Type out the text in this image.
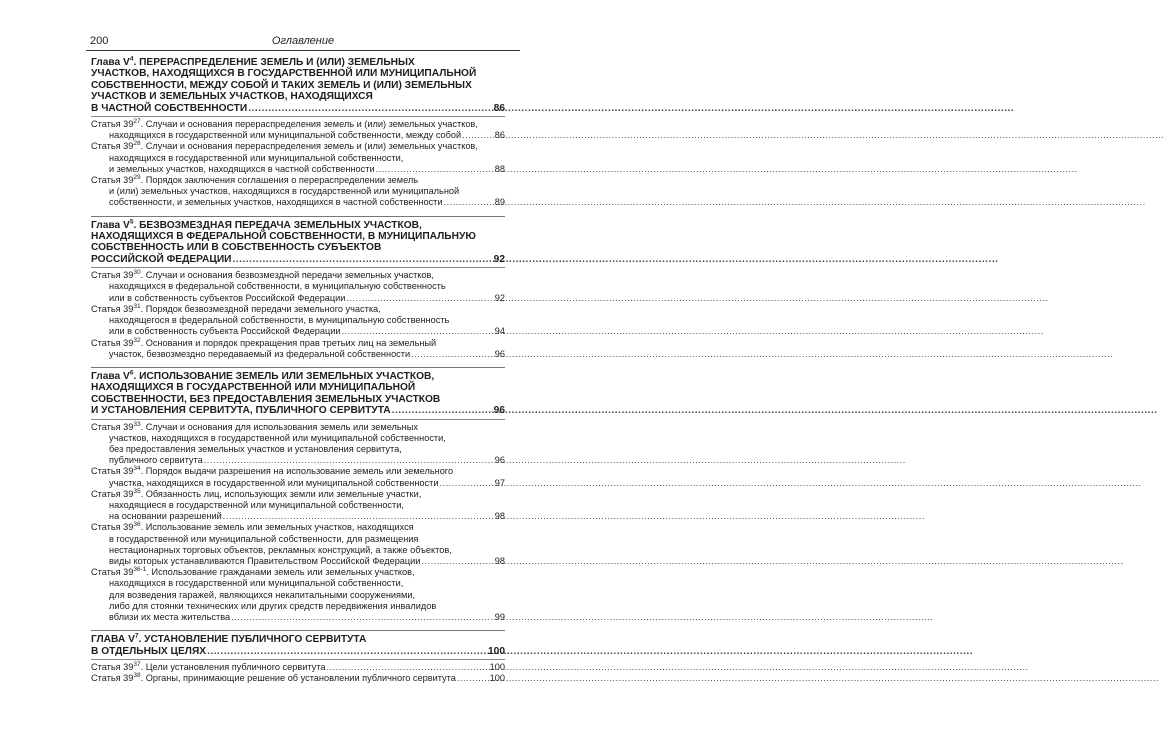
200	Оглавление
Глава $V^4$. ПЕРЕРАСПРЕДЕЛЕНИЕ ЗЕМЕЛЬ И (ИЛИ) ЗЕМЕЛЬНЫХ
УЧАСТКОВ, НАХОДЯЩИХСЯ В ГОСУДАРСТВЕННОЙ ИЛИ МУНИЦИПАЛЬНОЙ
СОБСТВЕННОСТИ, МЕЖДУ СОБОЙ И ТАКИХ ЗЕМЕЛЬ И (ИЛИ) ЗЕМЕЛЬНЫХ
УЧАСТКОВ И ЗЕМЕЛЬНЫХ УЧАСТКОВ, НАХОДЯЩИХСЯ
В ЧАСТНОЙ СОБСТВЕННОСТИ .....	86
Статья $39^{27}$. Случаи и основания перераспределения земель и (или) земельных участков,
находящихся в государственной или муниципальной собственности, между собой .....	86
Статья $39^{28}$. Случаи и основания перераспределения земель и (или) земельных участков,
находящихся в государственной или муниципальной собственности,
и земельных участков, находящихся в частной собственности .....	88
Статья $39^{29}$. Порядок заключения соглашения о перераспределении земель
и (или) земельных участков, находящихся в государственной или муниципальной
собственности, и земельных участков, находящихся в частной собственности .....	89
Глава $V^5$. БЕЗВОЗМЕЗДНАЯ ПЕРЕДАЧА ЗЕМЕЛЬНЫХ УЧАСТКОВ,
НАХОДЯЩИХСЯ В ФЕДЕРАЛЬНОЙ СОБСТВЕННОСТИ, В МУНИЦИПАЛЬНУЮ
СОБСТВЕННОСТЬ ИЛИ В СОБСТВЕННОСТЬ СУБЪЕКТОВ
РОССИЙСКОЙ ФЕДЕРАЦИИ .....	92
Статья $39^{30}$. Случаи и основания безвозмездной передачи земельных участков,
находящихся в федеральной собственности, в муниципальную собственность
или в собственность субъектов Российской Федерации .....	92
Статья $39^{31}$. Порядок безвозмездной передачи земельного участка,
находящегося в федеральной собственности, в муниципальную собственность
или в собственность субъекта Российской Федерации .....	94
Статья $39^{32}$. Основания и порядок прекращения прав третьих лиц на земельный
участок, безвозмездно передаваемый из федеральной собственности .....	96
Глава $V^6$. ИСПОЛЬЗОВАНИЕ ЗЕМЕЛЬ ИЛИ ЗЕМЕЛЬНЫХ УЧАСТКОВ,
НАХОДЯЩИХСЯ В ГОСУДАРСТВЕННОЙ ИЛИ МУНИЦИПАЛЬНОЙ
СОБСТВЕННОСТИ, БЕЗ ПРЕДОСТАВЛЕНИЯ ЗЕМЕЛЬНЫХ УЧАСТКОВ
И УСТАНОВЛЕНИЯ СЕРВИТУТА, ПУБЛИЧНОГО СЕРВИТУТА .....	96
Статья $39^{33}$. Случаи и основания для использования земель или земельных
участков, находящихся в государственной или муниципальной собственности,
без предоставления земельных участков и установления сервитута,
публичного сервитута .....	96
Статья $39^{34}$. Порядок выдачи разрешения на использование земель или земельного
участка, находящихся в государственной или муниципальной собственности .....	97
Статья $39^{35}$. Обязанность лиц, использующих земли или земельные участки,
находящиеся в государственной или муниципальной собственности,
на основании разрешений .....	98
Статья $39^{36}$. Использование земель или земельных участков, находящихся
в государственной или муниципальной собственности, для размещения
нестационарных торговых объектов, рекламных конструкций, а также объектов,
виды которых устанавливаются Правительством Российской Федерации .....	98
Статья 39$^{36-1}$. Использование гражданами земель или земельных участков,
находящихся в государственной или муниципальной собственности,
для возведения гаражей, являющихся некапитальными сооружениями,
либо для стоянки технических или других средств передвижения инвалидов
вблизи их места жительства .....	99
ГЛАВА $V^7$. УСТАНОВЛЕНИЕ ПУБЛИЧНОГО СЕРВИТУТА
В ОТДЕЛЬНЫХ ЦЕЛЯХ .....	100
Статья $39^{37}$. Цели установления публичного сервитута .....	100
Статья $39^{38}$. Органы, принимающие решение об установлении публичного сервитута .....	100
